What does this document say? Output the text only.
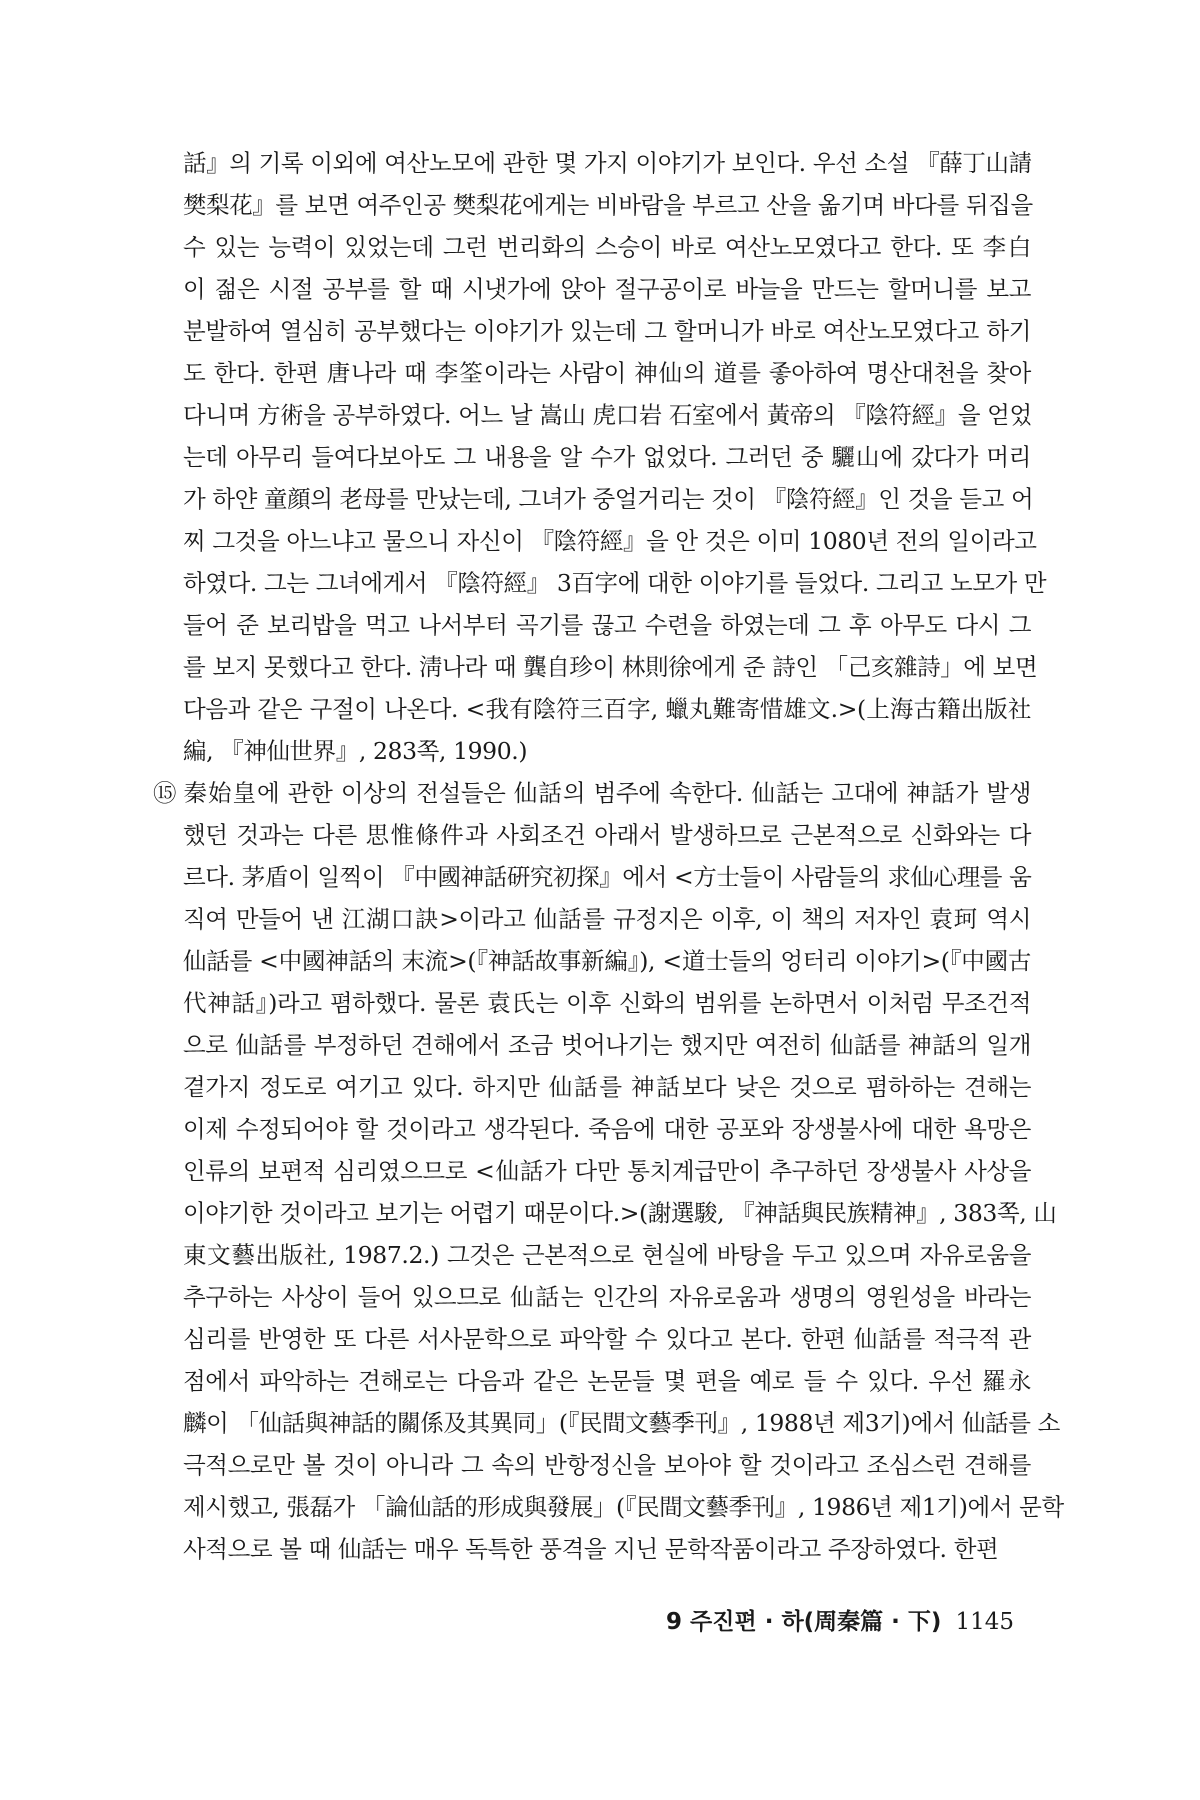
話』의 기록 이외에 여산노모에 관한 몇 가지 이야기가 보인다. 우선 소설 『薛丁山請
樊梨花』를 보면 여주인공 樊梨花에게는 비바람을 부르고 산을 옮기며 바다를 뒤집을
수 있는 능력이 있었는데 그런 번리화의 스승이 바로 여산노모였다고 한다. 또 李白
이 젊은 시절 공부를 할 때 시냇가에 앉아 절구공이로 바늘을 만드는 할머니를 보고
분발하여 열심히 공부했다는 이야기가 있는데 그 할머니가 바로 여산노모였다고 하기
도 한다. 한편 唐나라 때 李筌이라는 사람이 神仙의 道를 좋아하여 명산대천을 찾아
다니며 方術을 공부하였다. 어느 날 嵩山 虎口岩 石室에서 黃帝의 『陰符經』을 얻었
는데 아무리 들여다보아도 그 내용을 알 수가 없었다. 그러던 중 驪山에 갔다가 머리
가 하얀 童顔의 老母를 만났는데, 그녀가 중얼거리는 것이 『陰符經』인 것을 듣고 어
찌 그것을 아느냐고 물으니 자신이 『陰符經』을 안 것은 이미 1080년 전의 일이라고
하였다. 그는 그녀에게서 『陰符經』 3百字에 대한 이야기를 들었다. 그리고 노모가 만
들어 준 보리밥을 먹고 나서부터 곡기를 끊고 수련을 하였는데 그 후 아무도 다시 그
를 보지 못했다고 한다. 淸나라 때 龔自珍이 林則徐에게 준 詩인 「己亥雜詩」에 보면
다음과 같은 구절이 나온다. <我有陰符三百字, 蠟丸難寄惜雄文.>(上海古籍出版社
編, 『神仙世界』, 283쪽, 1990.)
⑮ 秦始皇에 관한 이상의 전설들은 仙話의 범주에 속한다. 仙話는 고대에 神話가 발생
했던 것과는 다른 思惟條件과 사회조건 아래서 발생하므로 근본적으로 신화와는 다
르다. 茅盾이 일찍이 『中國神話硏究初探』에서 <方士들이 사람들의 求仙心理를 움
직여 만들어 낸 江湖口訣>이라고 仙話를 규정지은 이후, 이 책의 저자인 袁珂 역시
仙話를 <中國神話의 末流>(『神話故事新編』), <道士들의 엉터리 이야기>(『中國古
代神話』)라고 폄하했다. 물론 袁氏는 이후 신화의 범위를 논하면서 이처럼 무조건적
으로 仙話를 부정하던 견해에서 조금 벗어나기는 했지만 여전히 仙話를 神話의 일개
곁가지 정도로 여기고 있다. 하지만 仙話를 神話보다 낮은 것으로 폄하하는 견해는
이제 수정되어야 할 것이라고 생각된다. 죽음에 대한 공포와 장생불사에 대한 욕망은
인류의 보편적 심리였으므로 <仙話가 다만 통치계급만이 추구하던 장생불사 사상을
이야기한 것이라고 보기는 어렵기 때문이다.>(謝選駿, 『神話與民族精神』, 383쪽, 山
東文藝出版社, 1987.2.) 그것은 근본적으로 현실에 바탕을 두고 있으며 자유로움을
추구하는 사상이 들어 있으므로 仙話는 인간의 자유로움과 생명의 영원성을 바라는
심리를 반영한 또 다른 서사문학으로 파악할 수 있다고 본다. 한편 仙話를 적극적 관
점에서 파악하는 견해로는 다음과 같은 논문들 몇 편을 예로 들 수 있다. 우선 羅永
麟이 「仙話與神話的關係及其異同」(『民間文藝季刊』, 1988년 제3기)에서 仙話를 소
극적으로만 볼 것이 아니라 그 속의 반항정신을 보아야 할 것이라고 조심스런 견해를
제시했고, 張磊가 「論仙話的形成與發展」(『民間文藝季刊』, 1986년 제1기)에서 문학
사적으로 볼 때 仙話는 매우 독특한 풍격을 지닌 문학작품이라고 주장하였다. 한편
9 주진편 · 하(周秦篇 · 下) 1145
